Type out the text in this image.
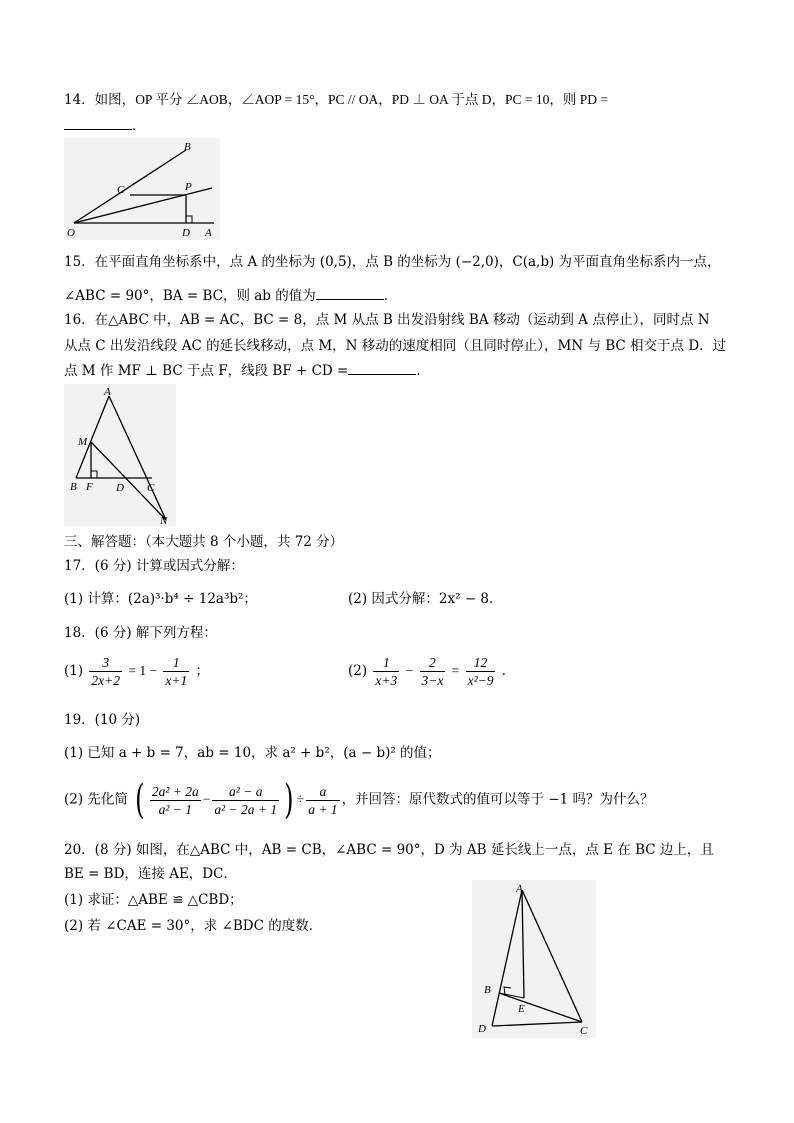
14．如图，OP 平分 ∠AOB，∠AOP = 15°，PC // OA，PD ⊥ OA 于点 D，PC = 10，则 PD =
．
B
C	P
O	D A
15．在平面直角坐标系中，点 A 的坐标为 (0,5)，点 B 的坐标为 (−2,0)，C(a,b) 为平面直角坐标系内一点，
∠ABC = 90°，BA = BC，则 ab 的值为	．
16．在△ABC 中，AB = AC，BC = 8，点 M 从点 B 出发沿射线 BA 移动（运动到 A 点停止），同时点 N
从点 C 出发沿线段 AC 的延长线移动，点 M，N 移动的速度相同（且同时停止），MN 与 BC 相交于点 D．过
点 M 作 MF ⊥ BC 于点 F，线段 BF + CD =	．
A
M
B F D C
N
三、解答题：（本大题共 8 个小题，共 72 分）
17．(6 分) 计算或因式分解：
(1) 计算：(2a)³·b⁴ ÷ 12a³b²；	(2) 因式分解：2x² − 8．
18．(6 分) 解下列方程：
$(1) \frac{3}{2x+2} = 1 - \frac{1}{x+1}$ ；	$(2) \frac{1}{x+3} - \frac{2}{3-x} = \frac{12}{\text{x²−9}}$ ．
19．(10 分)
(1) 已知 a + b = 7，ab = 10，求 a² + b²，(a − b)² 的值；
(2) 先化简 ( $\frac{\text{2a² + 2a}}{\text{a² − 1}} - \frac{\text{a² − a}}{\text{a² − 2a + 1}}$ ) ÷ $\frac{a}{a + 1}$ ，并回答：原代数式的值可以等于 −1 吗？为什么？
20．(8 分) 如图，在△ABC 中，AB = CB，∠ABC = 90°，D 为 AB 延长线上一点，点 E 在 BC 边上，且
BE = BD，连接 AE，DC．
(1) 求证：△ABE ≌ △CBD；
(2) 若 ∠CAE = 30°，求 ∠BDC 的度数．
A
B
E
D	C
